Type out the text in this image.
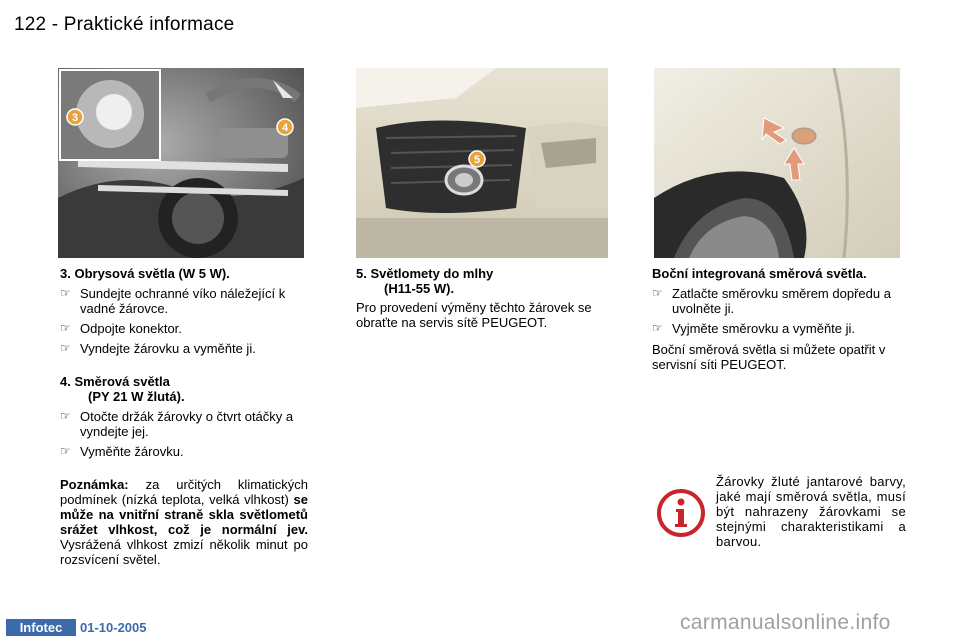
122 - Praktické informace
3
4
5

3. Obrysová světla (W 5 W).

☞ Sundejte ochranné víko náležející k vadné žárovce.

☞ Odpojte konektor.

☞ Vyndejte žárovku a vyměňte ji.

4. Směrová světla

(PY 21 W žlutá).

☞ Otočte držák žárovky o čtvrt otáčky a vyndejte jej.

☞ Vyměňte žárovku.

Poznámka: za určitých klimatických podmínek (nízká teplota, velká vlhkost) se může na vnitřní straně skla světlometů srážet vlhkost, což je normální jev. Vysrážená vlhkost zmizí několik minut po rozsvícení světel.

5. Světlomety do mlhy

(H11-55 W).

Pro provedení výměny těchto žárovek se obraťte na servis sítě PEUGEOT.

Boční integrovaná směrová světla.

☞ Zatlačte směrovku směrem dopředu a uvolněte ji.

☞ Vyjměte směrovku a vyměňte ji.

Boční směrová světla si můžete opatřit v servisní síti PEUGEOT.

Žárovky žluté jantarové barvy, jaké mají směrová světla, musí být nahrazeny žárovkami se stejnými charakteristikami a barvou.
Infotec	01-10-2005	carmanualsonline.info
